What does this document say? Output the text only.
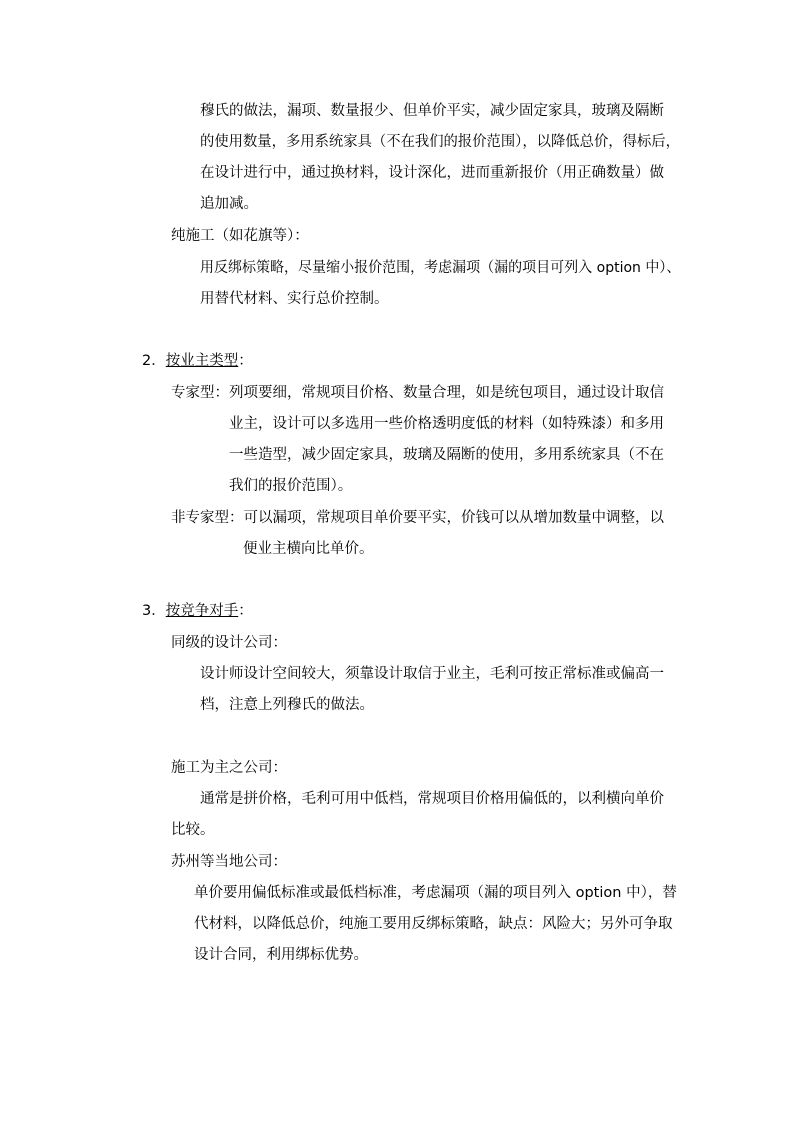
穆氏的做法，漏项、数量报少、但单价平实，减少固定家具，玻璃及隔断
的使用数量，多用系统家具（不在我们的报价范围），以降低总价，得标后，
在设计进行中，通过换材料，设计深化，进而重新报价（用正确数量）做
追加减。
纯施工（如花旗等）：
用反绑标策略，尽量缩小报价范围，考虑漏项（漏的项目可列入 option 中）、
用替代材料、实行总价控制。
2．按业主类型：
专家型：列项要细，常规项目价格、数量合理，如是统包项目，通过设计取信
业主，设计可以多选用一些价格透明度低的材料（如特殊漆）和多用
一些造型，减少固定家具，玻璃及隔断的使用，多用系统家具（不在
我们的报价范围）。
非专家型：可以漏项，常规项目单价要平实，价钱可以从增加数量中调整，以
便业主横向比单价。
3．按竞争对手：
同级的设计公司：
设计师设计空间较大，须靠设计取信于业主，毛利可按正常标准或偏高一
档，注意上列穆氏的做法。
施工为主之公司：
通常是拼价格，毛利可用中低档，常规项目价格用偏低的，以利横向单价
比较。
苏州等当地公司：
单价要用偏低标准或最低档标准，考虑漏项（漏的项目列入 option 中），替
代材料，以降低总价，纯施工要用反绑标策略，缺点：风险大；另外可争取
设计合同，利用绑标优势。
